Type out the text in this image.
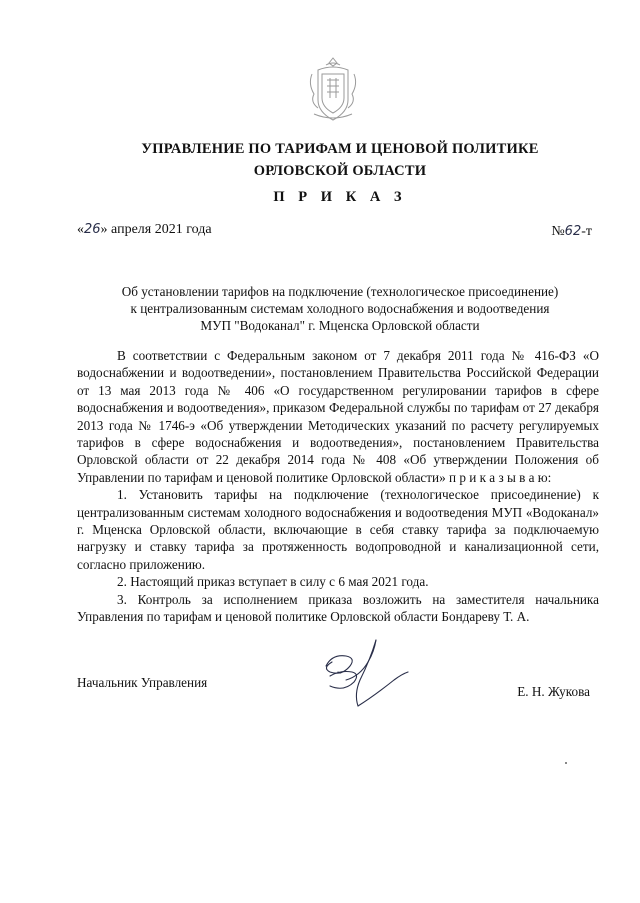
УПРАВЛЕНИЕ ПО ТАРИФАМ И ЦЕНОВОЙ ПОЛИТИКЕ
ОРЛОВСКОЙ ОБЛАСТИ
П Р И К А З
«26» апреля 2021 года	№62-т
Об установлении тарифов на подключение (технологическое присоединение)
к централизованным системам холодного водоснабжения и водоотведения
МУП "Водоканал" г. Мценска Орловской области

В соответствии с Федеральным законом от 7 декабря 2011 года № 416-ФЗ «О водоснабжении и водоотведении», постановлением Правительства Российской Федерации от 13 мая 2013 года № 406 «О государственном регулировании тарифов в сфере водоснабжения и водоотведения», приказом Федеральной службы по тарифам от 27 декабря 2013 года № 1746-э «Об утверждении Методических указаний по расчету регулируемых тарифов в сфере водоснабжения и водоотведения», постановлением Правительства Орловской области от 22 декабря 2014 года № 408 «Об утверждении Положения об Управлении по тарифам и ценовой политике Орловской области» п р и к а з ы в а ю:

1. Установить тарифы на подключение (технологическое присоединение) к централизованным системам холодного водоснабжения и водоотведения МУП «Водоканал» г. Мценска Орловской области, включающие в себя ставку тарифа за подключаемую нагрузку и ставку тарифа за протяженность водопроводной и канализационной сети, согласно приложению.

2. Настоящий приказ вступает в силу с 6 мая 2021 года.

3. Контроль за исполнением приказа возложить на заместителя начальника Управления по тарифам и ценовой политике Орловской области Бондареву Т. А.

Начальник Управления
Е. Н. Жукова
